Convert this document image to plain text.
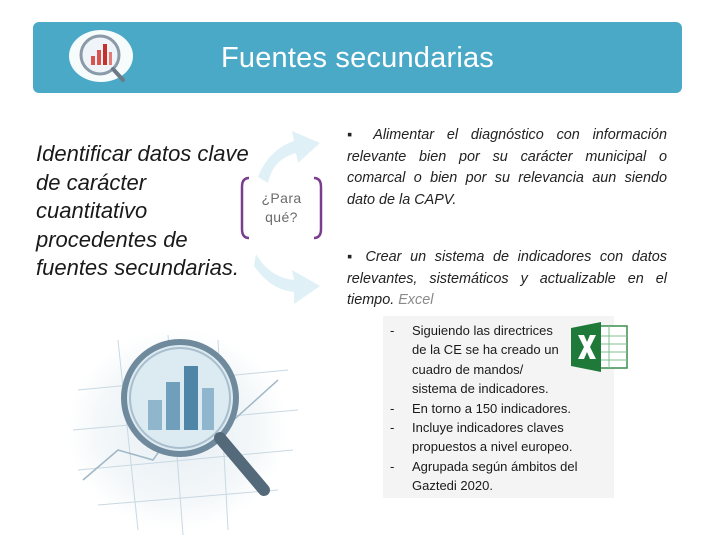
Fuentes secundarias
Identificar datos clave de carácter cuantitativo procedentes de fuentes secundarias.
¿Para
qué?
▪ Alimentar el diagnóstico con información relevante bien por su carácter municipal o comarcal o bien por su relevancia aun siendo dato de la CAPV.
▪ Crear un sistema de indicadores con datos relevantes, sistemáticos y actualizable en el tiempo. Excel
- Siguiendo las directrices de la CE se ha creado un cuadro de mandos/ sistema de indicadores.
- En torno a 150 indicadores.
- Incluye indicadores claves propuestos a nivel europeo.
- Agrupada según ámbitos del Gaztedi 2020.
